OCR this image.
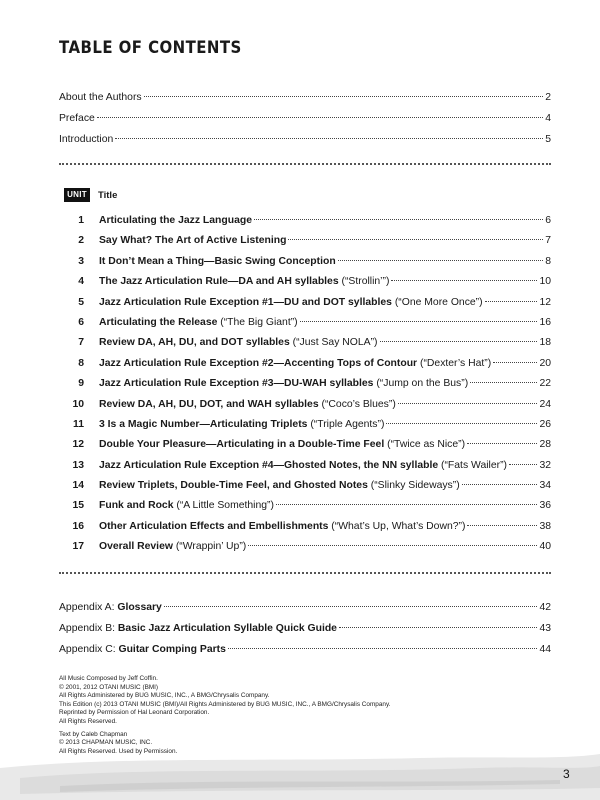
TABLE OF CONTENTS
About the Authors	2
Preface	4
Introduction	5
UNIT	Title
1 Articulating the Jazz Language	6
2 Say What? The Art of Active Listening	7
3 It Don’t Mean a Thing—Basic Swing Conception	8
4 The Jazz Articulation Rule—DA and AH syllables (“Strollin’”)	10
5 Jazz Articulation Rule Exception #1—DU and DOT syllables (“One More Once”)	12
6 Articulating the Release (“The Big Giant”)	16
7 Review DA, AH, DU, and DOT syllables (“Just Say NOLA”)	18
8 Jazz Articulation Rule Exception #2—Accenting Tops of Contour (“Dexter’s Hat”)	20
9 Jazz Articulation Rule Exception #3—DU-WAH syllables (“Jump on the Bus”)	22
10 Review DA, AH, DU, DOT, and WAH syllables (“Coco’s Blues”)	24
11 3 Is a Magic Number—Articulating Triplets (“Triple Agents”)	26
12 Double Your Pleasure—Articulating in a Double-Time Feel (“Twice as Nice”)	28
13 Jazz Articulation Rule Exception #4—Ghosted Notes, the NN syllable (“Fats Wailer”)	32
14 Review Triplets, Double-Time Feel, and Ghosted Notes (“Slinky Sideways”)	34
15 Funk and Rock (“A Little Something”)	36
16 Other Articulation Effects and Embellishments (“What’s Up, What’s Down?”)	38
17 Overall Review (“Wrappin’ Up”)	40
Appendix A: Glossary	42
Appendix B: Basic Jazz Articulation Syllable Quick Guide	43
Appendix C: Guitar Comping Parts	44
All Music Composed by Jeff Coffin.
© 2001, 2012 OTANI MUSIC (BMI)
All Rights Administered by BUG MUSIC, INC., A BMG/Chrysalis Company.
This Edition (c) 2013 OTANI MUSIC (BMI)/All Rights Administered by BUG MUSIC, INC., A BMG/Chrysalis Company.
Reprinted by Permission of Hal Leonard Corporation.
All Rights Reserved.
Text by Caleb Chapman
© 2013 CHAPMAN MUSIC, INC.
All Rights Reserved. Used by Permission.
3
